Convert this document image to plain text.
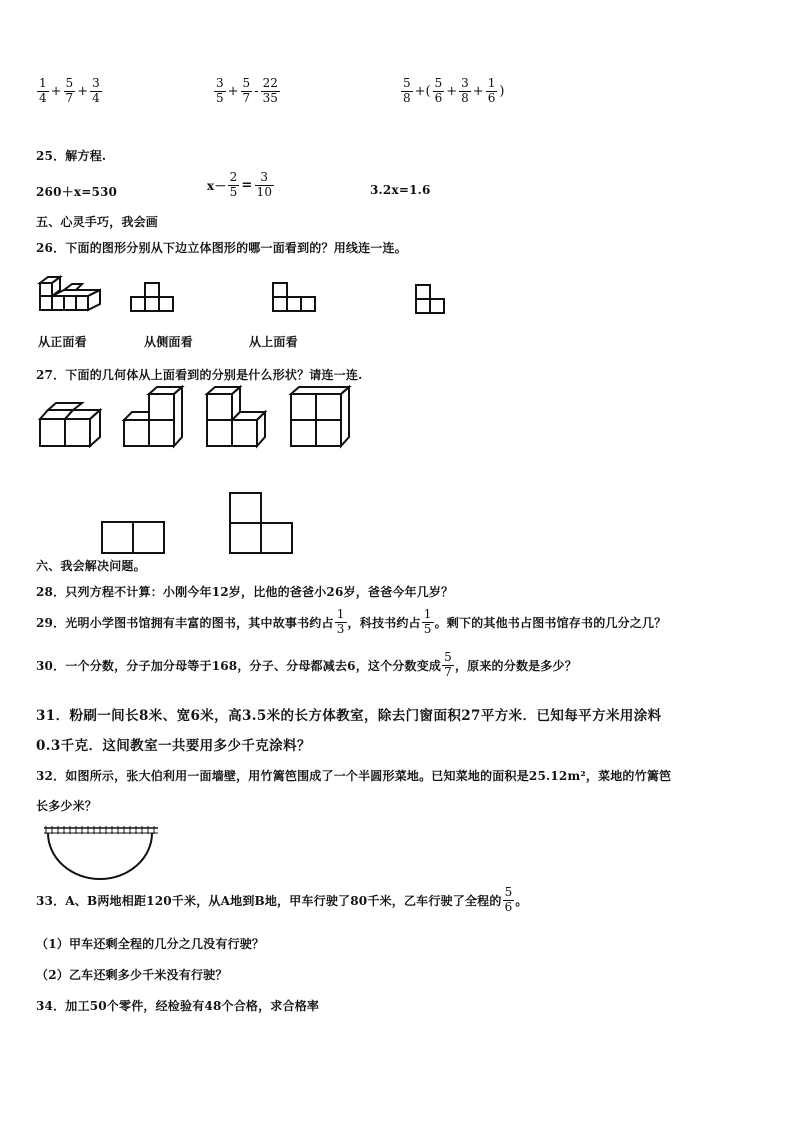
$\frac{1}{4} + \frac{5}{7} + \frac{3}{4}$	$\frac{3}{5} + \frac{5}{7} - \frac{22}{35}$	$\frac{5}{8}$ +( $\frac{5}{6} + \frac{3}{8} + \frac{1}{6}$ )
25．解方程.
260＋x=530	$x- \frac{2}{5} = \frac{3}{10}$	3.2x=1.6
五、心灵手巧，我会画
26．下面的图形分别从下边立体图形的哪一面看到的？用线连一连。
从正面看	从侧面看	从上面看
27．下面的几何体从上面看到的分别是什么形状？请连一连.
六、我会解决问题。
28．只列方程不计算：小刚今年12岁，比他的爸爸小26岁，爸爸今年几岁？
29．光明小学图书馆拥有丰富的图书，其中故事书约占 $\frac{1}{3}$ ，科技书约占 $\frac{1}{5}$ 。剩下的其他书占图书馆存书的几分之几？
30．一个分数，分子加分母等于168，分子、分母都减去6，这个分数变成 $\frac{5}{7}$ ，原来的分数是多少？
31．粉刷一间长8米、宽6米，高3.5米的长方体教室，除去门窗面积27平方米．已知每平方米用涂料
0.3千克．这间教室一共要用多少千克涂料？
32．如图所示，张大伯利用一面墙壁，用竹篱笆围成了一个半圆形菜地。已知菜地的面积是25.12m²，菜地的竹篱笆
长多少米？
33．A、B两地相距120千米，从A地到B地，甲车行驶了80千米，乙车行驶了全程的 $\frac{5}{6}$ 。
（1）甲车还剩全程的几分之几没有行驶？
（2）乙车还剩多少千米没有行驶？
34．加工50个零件，经检验有48个合格，求合格率
